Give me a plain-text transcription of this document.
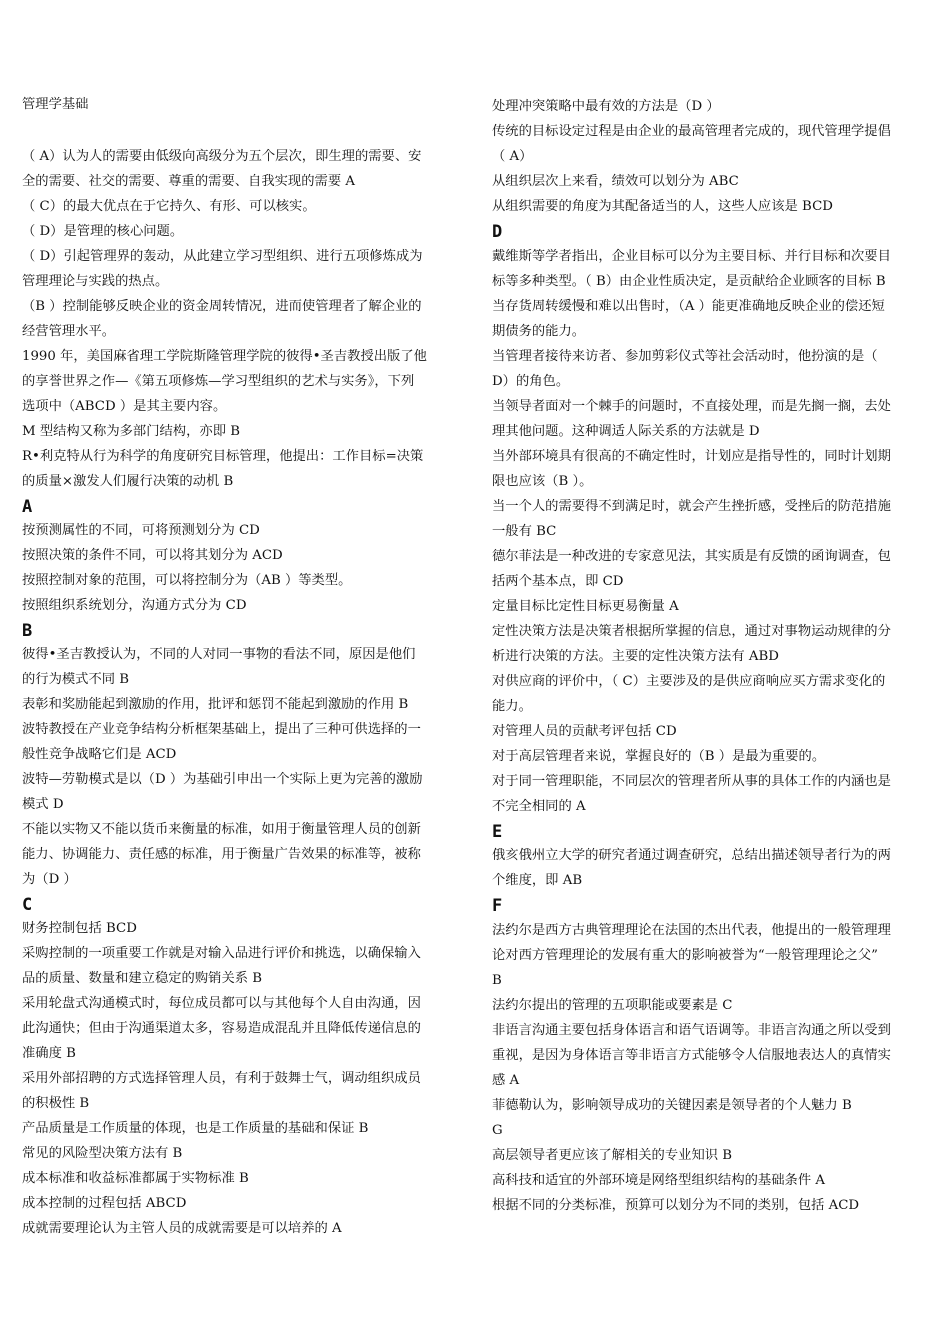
管理学基础
（ A）认为人的需要由低级向高级分为五个层次，即生理的需要、安
全的需要、社交的需要、尊重的需要、自我实现的需要 A
（ C）的最大优点在于它持久、有形、可以核实。
（ D）是管理的核心问题。
（ D）引起管理界的轰动，从此建立学习型组织、进行五项修炼成为
管理理论与实践的热点。
（B ）控制能够反映企业的资金周转情况，进而使管理者了解企业的
经营管理水平。
1990 年，美国麻省理工学院斯隆管理学院的彼得•圣吉教授出版了他
的享誉世界之作—《第五项修炼—学习型组织的艺术与实务》，下列
选项中（ABCD ）是其主要内容。
M 型结构又称为多部门结构，亦即 B
R•利克特从行为科学的角度研究目标管理，他提出：工作目标=决策
的质量×激发人们履行决策的动机 B
A
按预测属性的不同，可将预测划分为 CD
按照决策的条件不同，可以将其划分为 ACD
按照控制对象的范围，可以将控制分为（AB ）等类型。
按照组织系统划分，沟通方式分为 CD
B
彼得•圣吉教授认为，不同的人对同一事物的看法不同，原因是他们
的行为模式不同 B
表彰和奖励能起到激励的作用，批评和惩罚不能起到激励的作用 B
波特教授在产业竞争结构分析框架基础上，提出了三种可供选择的一
般性竞争战略它们是 ACD
波特—劳勒模式是以（D ）为基础引申出一个实际上更为完善的激励
模式 D
不能以实物又不能以货币来衡量的标准，如用于衡量管理人员的创新
能力、协调能力、责任感的标准，用于衡量广告效果的标准等，被称
为（D ）
C
财务控制包括 BCD
采购控制的一项重要工作就是对输入品进行评价和挑选，以确保输入
品的质量、数量和建立稳定的购销关系 B
采用轮盘式沟通模式时，每位成员都可以与其他每个人自由沟通，因
此沟通快；但由于沟通渠道太多，容易造成混乱并且降低传递信息的
准确度 B
采用外部招聘的方式选择管理人员，有利于鼓舞士气，调动组织成员
的积极性 B
产品质量是工作质量的体现，也是工作质量的基础和保证 B
常见的风险型决策方法有 B
成本标准和收益标准都属于实物标准 B
成本控制的过程包括 ABCD
成就需要理论认为主管人员的成就需要是可以培养的 A
处理冲突策略中最有效的方法是（D ）
传统的目标设定过程是由企业的最高管理者完成的，现代管理学提倡
（ A）
从组织层次上来看，绩效可以划分为 ABC
从组织需要的角度为其配备适当的人，这些人应该是 BCD
D
戴维斯等学者指出，企业目标可以分为主要目标、并行目标和次要目
标等多种类型。（ B）由企业性质决定，是贡献给企业顾客的目标 B
当存货周转缓慢和难以出售时，（A ）能更准确地反映企业的偿还短
期债务的能力。
当管理者接待来访者、参加剪彩仪式等社会活动时，他扮演的是（
D）的角色。
当领导者面对一个棘手的问题时，不直接处理，而是先搁一搁，去处
理其他问题。这种调适人际关系的方法就是 D
当外部环境具有很高的不确定性时，计划应是指导性的，同时计划期
限也应该（B ）。
当一个人的需要得不到满足时，就会产生挫折感，受挫后的防范措施
一般有 BC
德尔菲法是一种改进的专家意见法，其实质是有反馈的函询调查，包
括两个基本点，即 CD
定量目标比定性目标更易衡量 A
定性决策方法是决策者根据所掌握的信息，通过对事物运动规律的分
析进行决策的方法。主要的定性决策方法有 ABD
对供应商的评价中，（ C）主要涉及的是供应商响应买方需求变化的
能力。
对管理人员的贡献考评包括 CD
对于高层管理者来说，掌握良好的（B ）是最为重要的。
对于同一管理职能，不同层次的管理者所从事的具体工作的内涵也是
不完全相同的 A
E
俄亥俄州立大学的研究者通过调查研究，总结出描述领导者行为的两
个维度，即 AB
F
法约尔是西方古典管理理论在法国的杰出代表，他提出的一般管理理
论对西方管理理论的发展有重大的影响被誉为“一般管理理论之父”
B
法约尔提出的管理的五项职能或要素是 C
非语言沟通主要包括身体语言和语气语调等。非语言沟通之所以受到
重视，是因为身体语言等非语言方式能够令人信服地表达人的真情实
感 A
菲德勒认为，影响领导成功的关键因素是领导者的个人魅力 B
G
高层领导者更应该了解相关的专业知识 B
高科技和适宜的外部环境是网络型组织结构的基础条件 A
根据不同的分类标准，预算可以划分为不同的类别，包括 ACD
